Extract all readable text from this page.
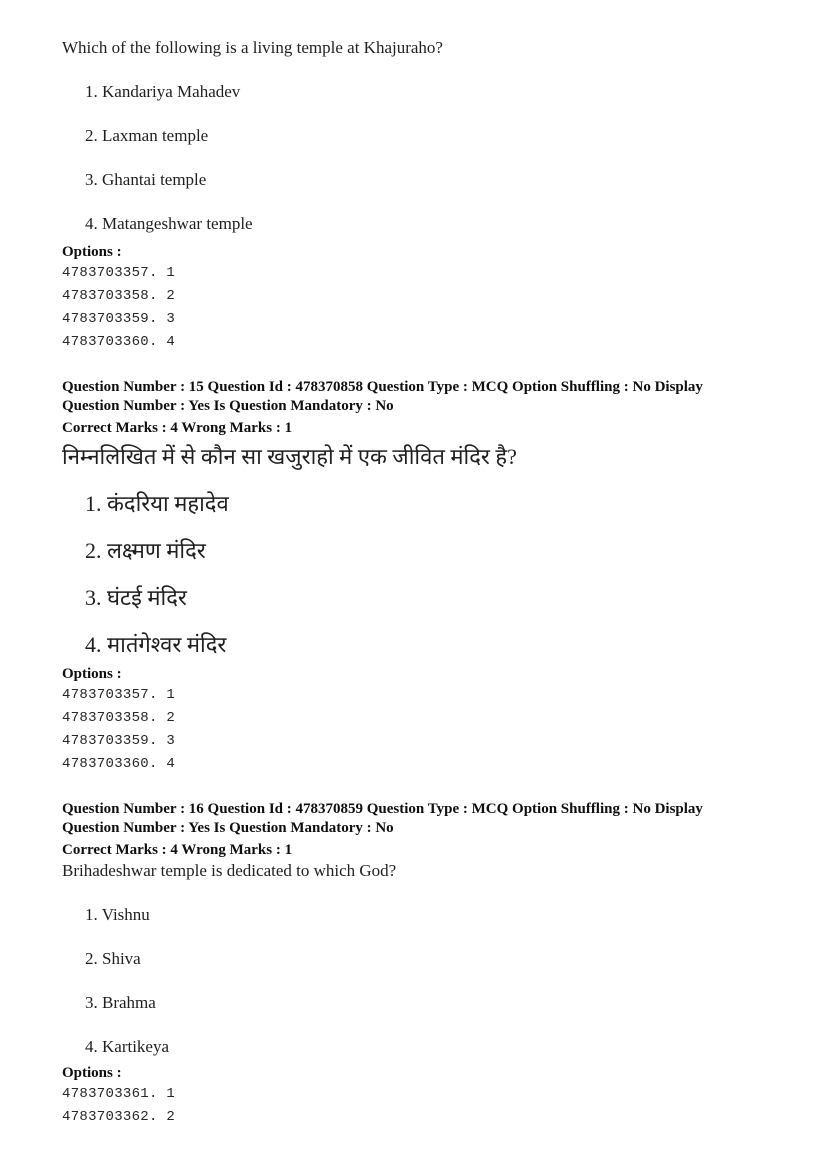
Which of the following is a living temple at Khajuraho?

1. Kandariya Mahadev

2. Laxman temple

3. Ghantai temple

4. Matangeshwar temple

Options :

4783703357. 1

4783703358. 2

4783703359. 3

4783703360. 4

Question Number : 15 Question Id : 478370858 Question Type : MCQ Option Shuffling : No Display

Question Number : Yes Is Question Mandatory : No

Correct Marks : 4 Wrong Marks : 1

निम्नलिखित में से कौन सा खजुराहो में एक जीवित मंदिर है?

1. कंदरिया महादेव

2. लक्ष्मण मंदिर

3. घंटई मंदिर

4. मातंगेश्वर मंदिर

Options :

4783703357. 1

4783703358. 2

4783703359. 3

4783703360. 4

Question Number : 16 Question Id : 478370859 Question Type : MCQ Option Shuffling : No Display

Question Number : Yes Is Question Mandatory : No

Correct Marks : 4 Wrong Marks : 1

Brihadeshwar temple is dedicated to which God?

1. Vishnu

2. Shiva

3. Brahma

4. Kartikeya

Options :

4783703361. 1

4783703362. 2
